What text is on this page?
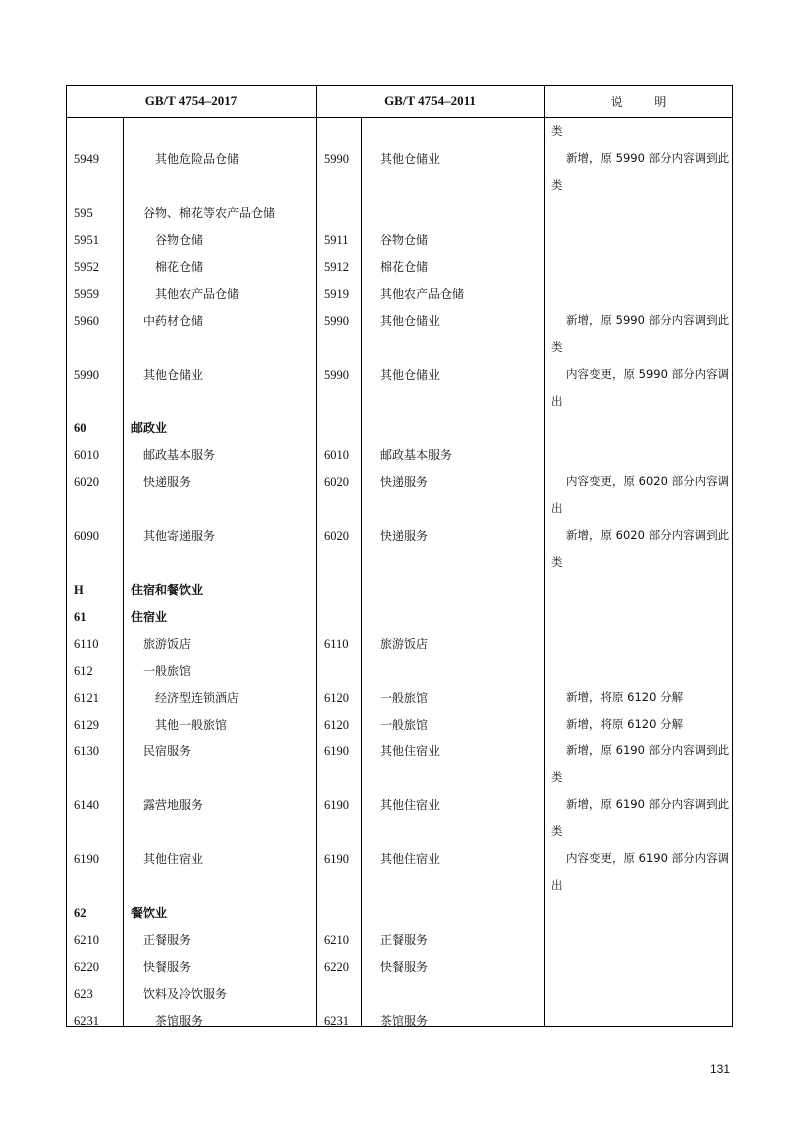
GB/T 4754–2017	GB/T 4754–2011	说 明
类
5949	其他危险品仓储	5990	其他仓储业	新增，原 5990 部分内容调到此
类
595	谷物、棉花等农产品仓储
5951	谷物仓储	5911	谷物仓储
5952	棉花仓储	5912	棉花仓储
5959	其他农产品仓储	5919	其他农产品仓储
5960	中药材仓储	5990	其他仓储业	新增，原 5990 部分内容调到此
类
5990	其他仓储业	5990	其他仓储业	内容变更，原 5990 部分内容调
出
60	邮政业
6010	邮政基本服务	6010	邮政基本服务
6020	快递服务	6020	快递服务	内容变更，原 6020 部分内容调
出
6090	其他寄递服务	6020	快递服务	新增，原 6020 部分内容调到此
类
H	住宿和餐饮业
61	住宿业
6110	旅游饭店	6110	旅游饭店
612	一般旅馆
6121	经济型连锁酒店	6120	一般旅馆	新增，将原 6120 分解
6129	其他一般旅馆	6120	一般旅馆	新增，将原 6120 分解
6130	民宿服务	6190	其他住宿业	新增，原 6190 部分内容调到此
类
6140	露营地服务	6190	其他住宿业	新增，原 6190 部分内容调到此
类
6190	其他住宿业	6190	其他住宿业	内容变更，原 6190 部分内容调
出
62	餐饮业
6210	正餐服务	6210	正餐服务
6220	快餐服务	6220	快餐服务
623	饮料及冷饮服务
6231	茶馆服务	6231	茶馆服务
131
